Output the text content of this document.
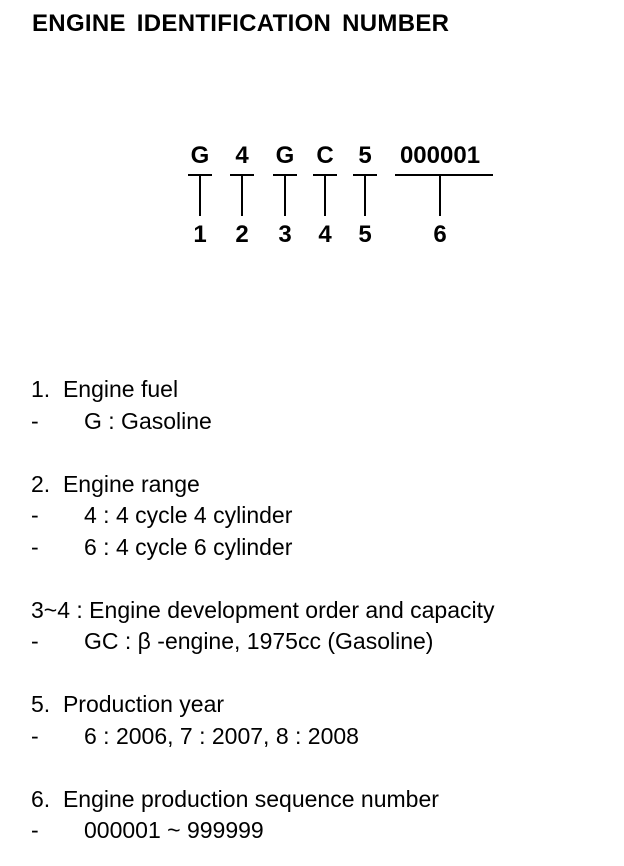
ENGINE IDENTIFICATION NUMBER
G 4 G C 5 000001
1 2 3 4 5	6
1.  Engine fuel
-	G : Gasoline
2.  Engine range
-	4 : 4 cycle 4 cylinder
-	6 : 4 cycle 6 cylinder
3~4 : Engine development order and capacity
-	GC : β -engine, 1975cc (Gasoline)
5.  Production year
-	6 : 2006, 7 : 2007, 8 : 2008
6.  Engine production sequence number
-	000001 ~ 999999
